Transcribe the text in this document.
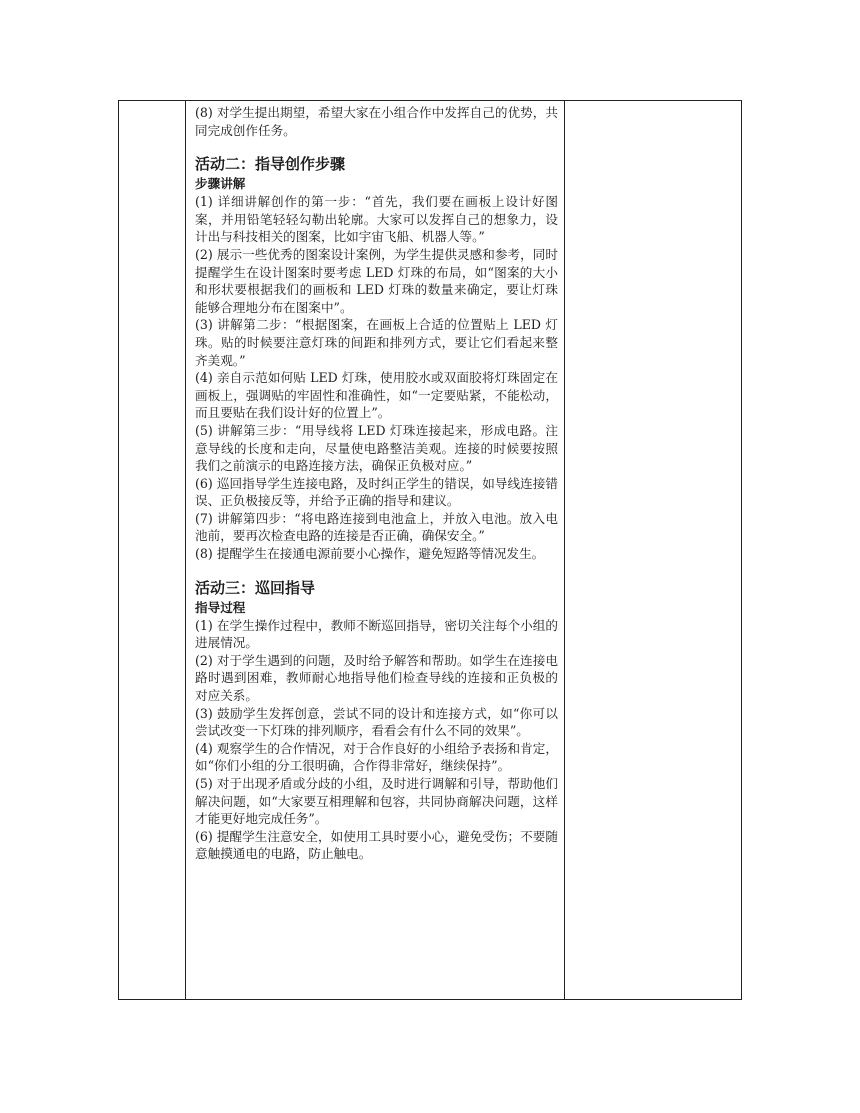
(8) 对学生提出期望，希望大家在小组合作中发挥自己的优势，共同完成创作任务。

活动二：指导创作步骤
步骤讲解

(1) 详细讲解创作的第一步：“首先，我们要在画板上设计好图案，并用铅笔轻轻勾勒出轮廓。大家可以发挥自己的想象力，设计出与科技相关的图案，比如宇宙飞船、机器人等。”

(2) 展示一些优秀的图案设计案例，为学生提供灵感和参考，同时提醒学生在设计图案时要考虑 LED 灯珠的布局，如“图案的大小和形状要根据我们的画板和 LED 灯珠的数量来确定，要让灯珠能够合理地分布在图案中”。

(3) 讲解第二步：“根据图案，在画板上合适的位置贴上 LED 灯珠。贴的时候要注意灯珠的间距和排列方式，要让它们看起来整齐美观。”

(4) 亲自示范如何贴 LED 灯珠，使用胶水或双面胶将灯珠固定在画板上，强调贴的牢固性和准确性，如“一定要贴紧，不能松动，而且要贴在我们设计好的位置上”。

(5) 讲解第三步：“用导线将 LED 灯珠连接起来，形成电路。注意导线的长度和走向，尽量使电路整洁美观。连接的时候要按照我们之前演示的电路连接方法，确保正负极对应。”

(6) 巡回指导学生连接电路，及时纠正学生的错误，如导线连接错误、正负极接反等，并给予正确的指导和建议。

(7) 讲解第四步：“将电路连接到电池盒上，并放入电池。放入电池前，要再次检查电路的连接是否正确，确保安全。”

(8) 提醒学生在接通电源前要小心操作，避免短路等情况发生。

活动三：巡回指导
指导过程

(1) 在学生操作过程中，教师不断巡回指导，密切关注每个小组的进展情况。

(2) 对于学生遇到的问题，及时给予解答和帮助。如学生在连接电路时遇到困难，教师耐心地指导他们检查导线的连接和正负极的对应关系。

(3) 鼓励学生发挥创意，尝试不同的设计和连接方式，如“你可以尝试改变一下灯珠的排列顺序，看看会有什么不同的效果”。

(4) 观察学生的合作情况，对于合作良好的小组给予表扬和肯定，如“你们小组的分工很明确，合作得非常好，继续保持”。

(5) 对于出现矛盾或分歧的小组，及时进行调解和引导，帮助他们解决问题，如“大家要互相理解和包容，共同协商解决问题，这样才能更好地完成任务”。

(6) 提醒学生注意安全，如使用工具时要小心，避免受伤；不要随意触摸通电的电路，防止触电。
